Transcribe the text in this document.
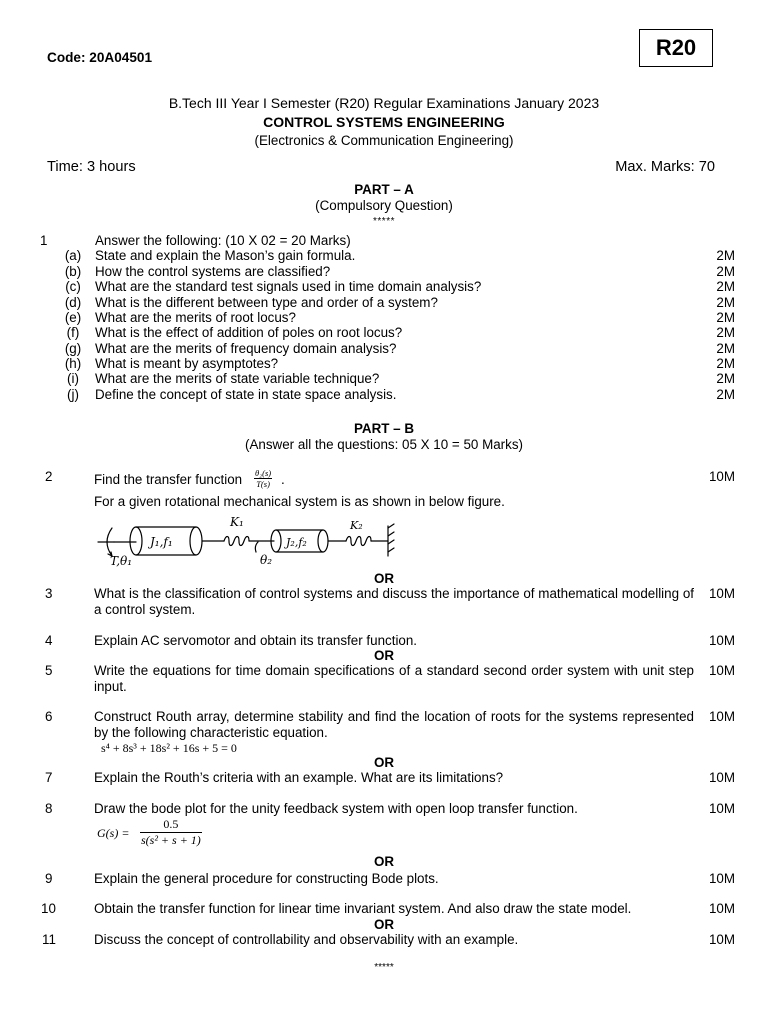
Code: 20A04501	R20
B.Tech III Year I Semester (R20) Regular Examinations January 2023
CONTROL SYSTEMS ENGINEERING
(Electronics & Communication Engineering)
Time: 3 hours	Max. Marks: 70
PART – A
(Compulsory Question)
*****
1	Answer the following: (10 X 02 = 20 Marks)
(a) State and explain the Mason’s gain formula.	2M
(b) How the control systems are classified?	2M
(c) What are the standard test signals used in time domain analysis?	2M
(d) What is the different between type and order of a system?	2M
(e) What are the merits of root locus?	2M
(f) What is the effect of addition of poles on root locus?	2M
(g) What are the merits of frequency domain analysis?	2M
(h) What is meant by asymptotes?	2M
(i)	What are the merits of state variable technique?	2M
(j)	Define the concept of state in state space analysis.	2M
PART – B
(Answer all the questions: 05 X 10 = 50 Marks)
2	Find the transfer function $\frac{\text{θ₂(s)}}{T(s)}$ .	10M
For a given rotational mechanical system is as shown in below figure.
J₁,f₁
K₁
J₂,f₂
K₂
T,θ₁	θ₂
OR
3	What is the classification of control systems and discuss the importance of mathematical modelling of a control system.
10M
4	Explain AC servomotor and obtain its transfer function.	10M
OR
5	Write the equations for time domain specifications of a standard second order system with unit step input.
10M
6	Construct Routh array, determine stability and find the location of roots for the systems represented by the following characteristic equation.
10M
s⁴ + 8s³ + 18s² + 16s + 5 = 0
OR
7	Explain the Routh’s criteria with an example. What are its limitations?	10M
8	Draw the bode plot for the unity feedback system with open loop transfer function.	10M
$G(s) = \frac{0.5}{\text{s(s² + s + 1)}}$
OR
9	Explain the general procedure for constructing Bode plots.	10M
10	Obtain the transfer function for linear time invariant system. And also draw the state model.	10M
OR
11	Discuss the concept of controllability and observability with an example.	10M
*****
